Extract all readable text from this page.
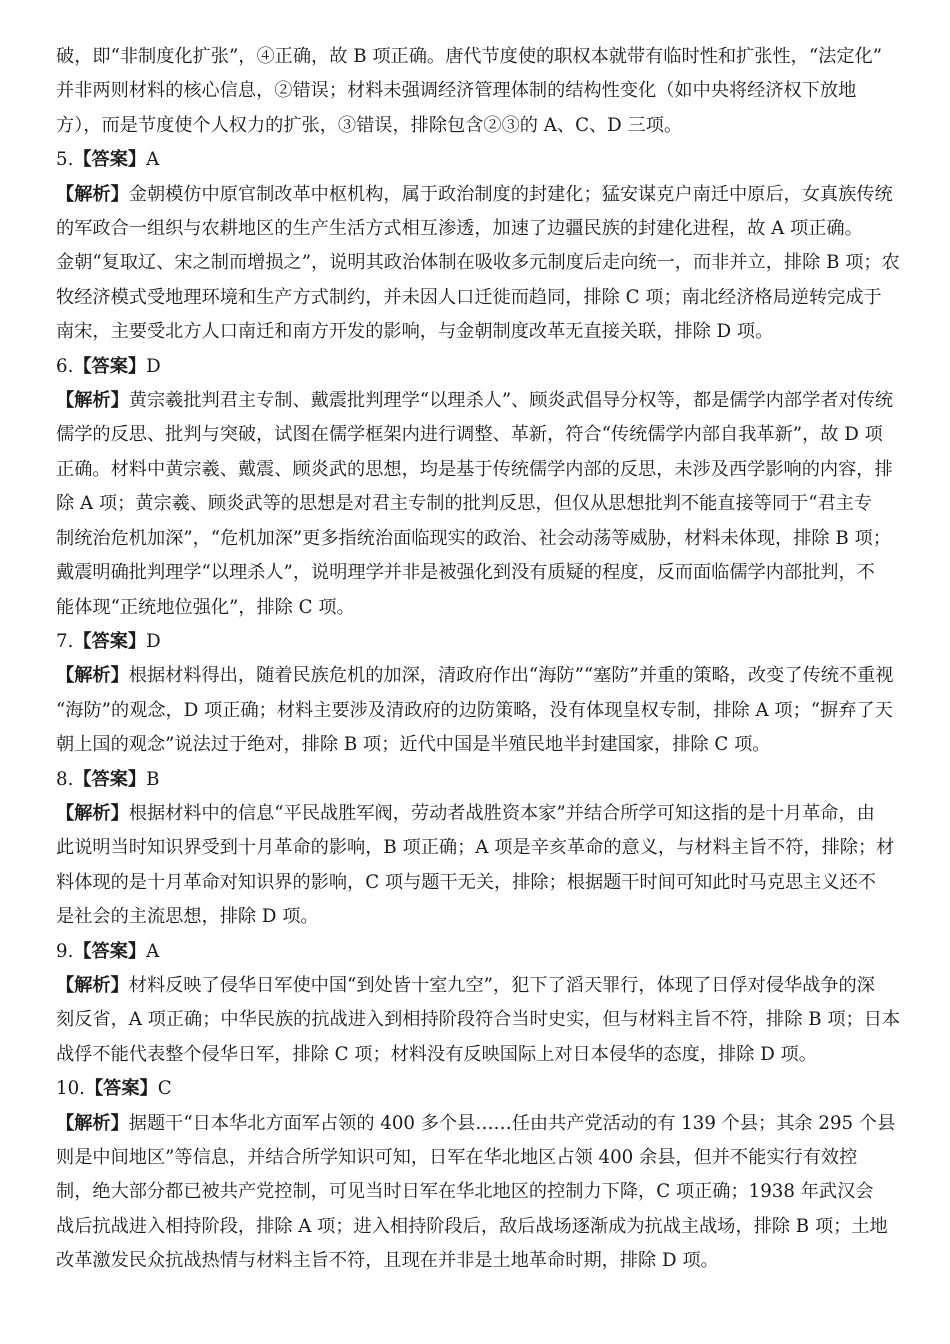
破，即“非制度化扩张”，④正确，故 B 项正确。唐代节度使的职权本就带有临时性和扩张性，“法定化”

并非两则材料的核心信息，②错误；材料未强调经济管理体制的结构性变化（如中央将经济权下放地

方），而是节度使个人权力的扩张，③错误，排除包含②③的 A、C、D 三项。

5.【答案】A

【解析】金朝模仿中原官制改革中枢机构，属于政治制度的封建化；猛安谋克户南迁中原后，女真族传统

的军政合一组织与农耕地区的生产生活方式相互渗透，加速了边疆民族的封建化进程，故 A 项正确。

金朝“复取辽、宋之制而增损之”，说明其政治体制在吸收多元制度后走向统一，而非并立，排除 B 项；农

牧经济模式受地理环境和生产方式制约，并未因人口迁徙而趋同，排除 C 项；南北经济格局逆转完成于

南宋，主要受北方人口南迁和南方开发的影响，与金朝制度改革无直接关联，排除 D 项。

6.【答案】D

【解析】黄宗羲批判君主专制、戴震批判理学“以理杀人”、顾炎武倡导分权等，都是儒学内部学者对传统

儒学的反思、批判与突破，试图在儒学框架内进行调整、革新，符合“传统儒学内部自我革新”，故 D 项

正确。材料中黄宗羲、戴震、顾炎武的思想，均是基于传统儒学内部的反思，未涉及西学影响的内容，排

除 A 项；黄宗羲、顾炎武等的思想是对君主专制的批判反思，但仅从思想批判不能直接等同于“君主专

制统治危机加深”，“危机加深”更多指统治面临现实的政治、社会动荡等威胁，材料未体现，排除 B 项；

戴震明确批判理学“以理杀人”，说明理学并非是被强化到没有质疑的程度，反而面临儒学内部批判，不

能体现“正统地位强化”，排除 C 项。

7.【答案】D

【解析】根据材料得出，随着民族危机的加深，清政府作出“海防”“塞防”并重的策略，改变了传统不重视

“海防”的观念，D 项正确；材料主要涉及清政府的边防策略，没有体现皇权专制，排除 A 项；“摒弃了天

朝上国的观念”说法过于绝对，排除 B 项；近代中国是半殖民地半封建国家，排除 C 项。

8.【答案】B

【解析】根据材料中的信息“平民战胜军阀，劳动者战胜资本家”并结合所学可知这指的是十月革命，由

此说明当时知识界受到十月革命的影响，B 项正确；A 项是辛亥革命的意义，与材料主旨不符，排除；材

料体现的是十月革命对知识界的影响，C 项与题干无关，排除；根据题干时间可知此时马克思主义还不

是社会的主流思想，排除 D 项。

9.【答案】A

【解析】材料反映了侵华日军使中国“到处皆十室九空”，犯下了滔天罪行，体现了日俘对侵华战争的深

刻反省，A 项正确；中华民族的抗战进入到相持阶段符合当时史实，但与材料主旨不符，排除 B 项；日本

战俘不能代表整个侵华日军，排除 C 项；材料没有反映国际上对日本侵华的态度，排除 D 项。

10.【答案】C

【解析】据题干“日本华北方面军占领的 400 多个县……任由共产党活动的有 139 个县；其余 295 个县

则是中间地区”等信息，并结合所学知识可知，日军在华北地区占领 400 余县，但并不能实行有效控

制，绝大部分都已被共产党控制，可见当时日军在华北地区的控制力下降，C 项正确；1938 年武汉会

战后抗战进入相持阶段，排除 A 项；进入相持阶段后，敌后战场逐渐成为抗战主战场，排除 B 项；土地

改革激发民众抗战热情与材料主旨不符，且现在并非是土地革命时期，排除 D 项。
